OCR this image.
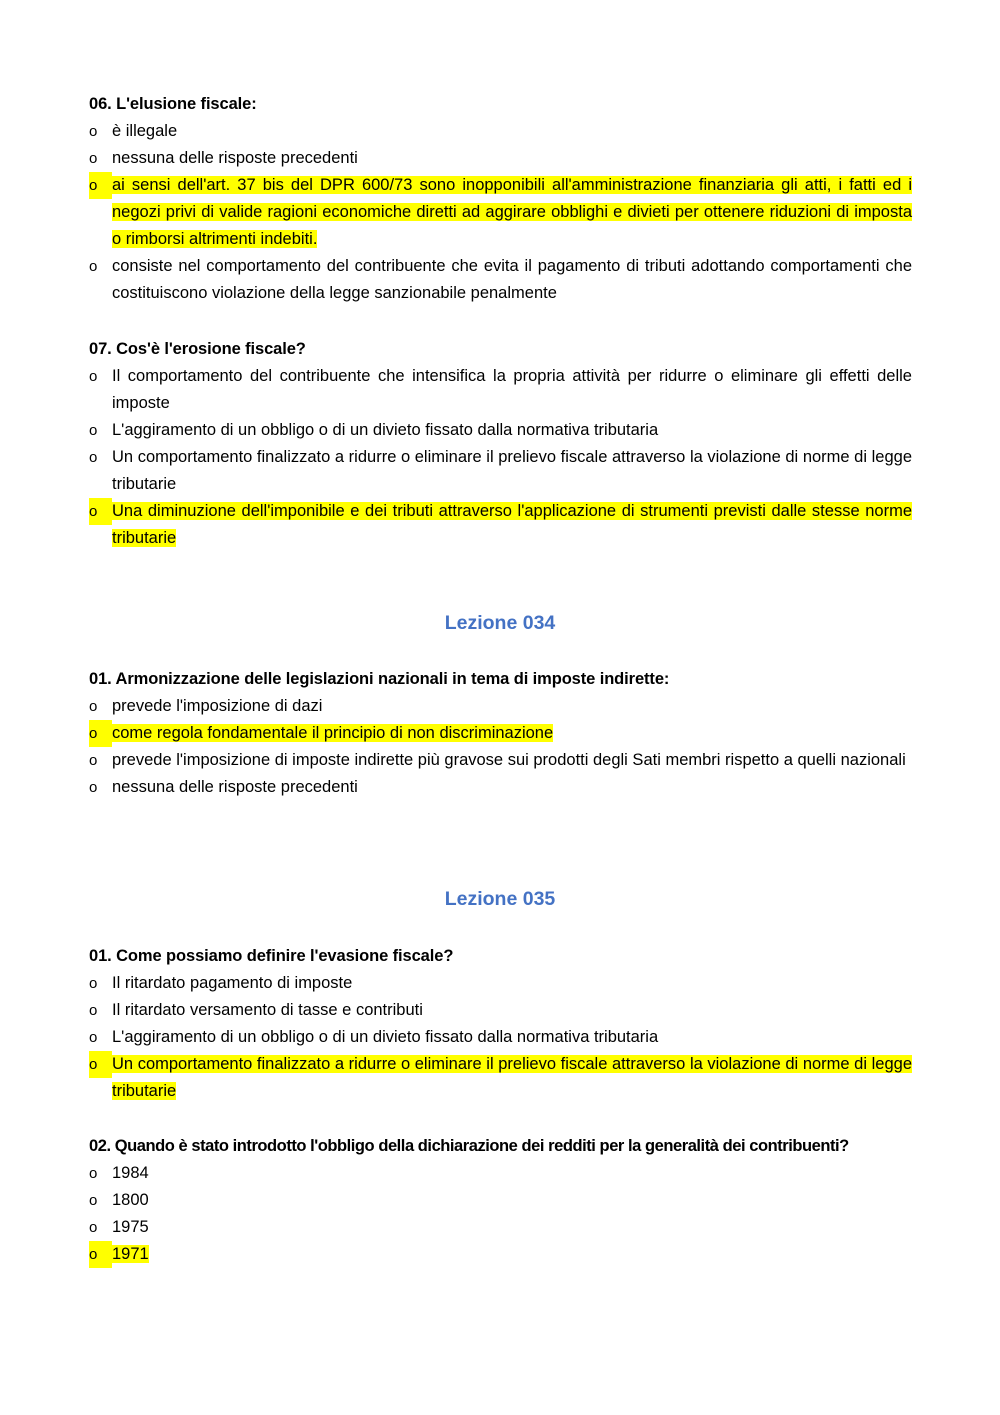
06. L'elusione fiscale:
o è illegale
o nessuna delle risposte precedenti
o ai sensi dell'art. 37 bis del DPR 600/73 sono inopponibili all'amministrazione finanziaria gli atti, i fatti ed i negozi privi di valide ragioni economiche diretti ad aggirare obblighi e divieti per ottenere riduzioni di imposta o rimborsi altrimenti indebiti.
o consiste nel comportamento del contribuente che evita il pagamento di tributi adottando comportamenti che costituiscono violazione della legge sanzionabile penalmente
07. Cos'è l'erosione fiscale?
o Il comportamento del contribuente che intensifica la propria attività per ridurre o eliminare gli effetti delle imposte
o L'aggiramento di un obbligo o di un divieto fissato dalla normativa tributaria
o Un comportamento finalizzato a ridurre o eliminare il prelievo fiscale attraverso la violazione di norme di legge tributarie
o Una diminuzione dell'imponibile e dei tributi attraverso l'applicazione di strumenti previsti dalle stesse norme tributarie
Lezione 034
01. Armonizzazione delle legislazioni nazionali in tema di imposte indirette:
o prevede l'imposizione di dazi
o come regola fondamentale il principio di non discriminazione
o prevede l'imposizione di imposte indirette più gravose sui prodotti degli Sati membri rispetto a quelli nazionali
o nessuna delle risposte precedenti
Lezione 035
01. Come possiamo definire l'evasione fiscale?
o Il ritardato pagamento di imposte
o Il ritardato versamento di tasse e contributi
o L'aggiramento di un obbligo o di un divieto fissato dalla normativa tributaria
o Un comportamento finalizzato a ridurre o eliminare il prelievo fiscale attraverso la violazione di norme di legge tributarie
02. Quando è stato introdotto l'obbligo della dichiarazione dei redditi per la generalità dei contribuenti?
o 1984
o 1800
o 1975
o 1971
